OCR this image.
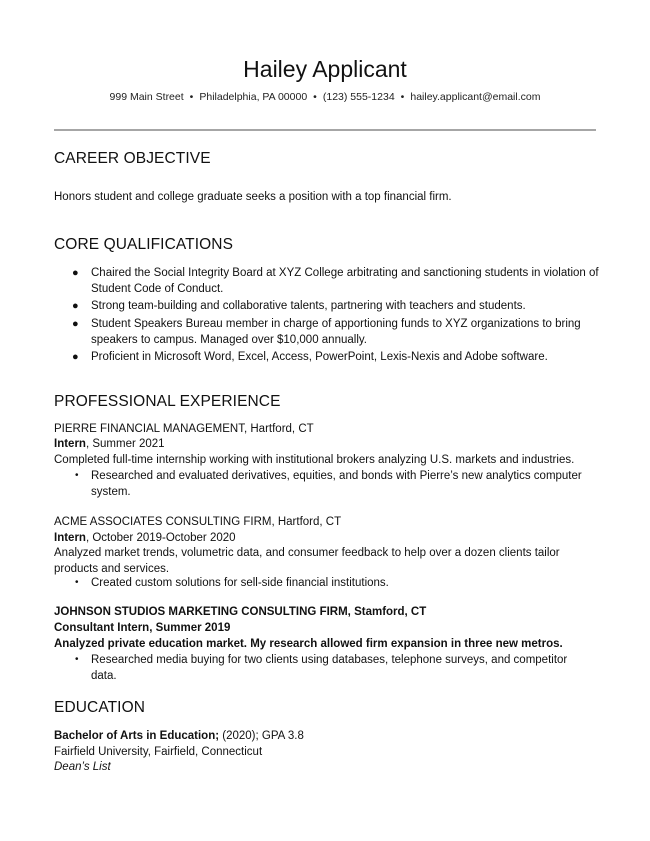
Hailey Applicant
999 Main Street • Philadelphia, PA 00000 • (123) 555-1234 • hailey.applicant@email.com
CAREER OBJECTIVE
Honors student and college graduate seeks a position with a top financial firm.
CORE QUALIFICATIONS
● Chaired the Social Integrity Board at XYZ College arbitrating and sanctioning students in violation of Student Code of Conduct.
● Strong team-building and collaborative talents, partnering with teachers and students.
● Student Speakers Bureau member in charge of apportioning funds to XYZ organizations to bring speakers to campus. Managed over $10,000 annually.
● Proficient in Microsoft Word, Excel, Access, PowerPoint, Lexis-Nexis and Adobe software.
PROFESSIONAL EXPERIENCE
PIERRE FINANCIAL MANAGEMENT, Hartford, CT
Intern, Summer 2021
Completed full-time internship working with institutional brokers analyzing U.S. markets and industries.
• Researched and evaluated derivatives, equities, and bonds with Pierre’s new analytics computer system.
ACME ASSOCIATES CONSULTING FIRM, Hartford, CT
Intern, October 2019-October 2020
Analyzed market trends, volumetric data, and consumer feedback to help over a dozen clients tailor products and services.
• Created custom solutions for sell-side financial institutions.
JOHNSON STUDIOS MARKETING CONSULTING FIRM, Stamford, CT
Consultant Intern, Summer 2019
Analyzed private education market. My research allowed firm expansion in three new metros.
• Researched media buying for two clients using databases, telephone surveys, and competitor data.
EDUCATION
Bachelor of Arts in Education; (2020); GPA 3.8
Fairfield University, Fairfield, Connecticut
Dean’s List
